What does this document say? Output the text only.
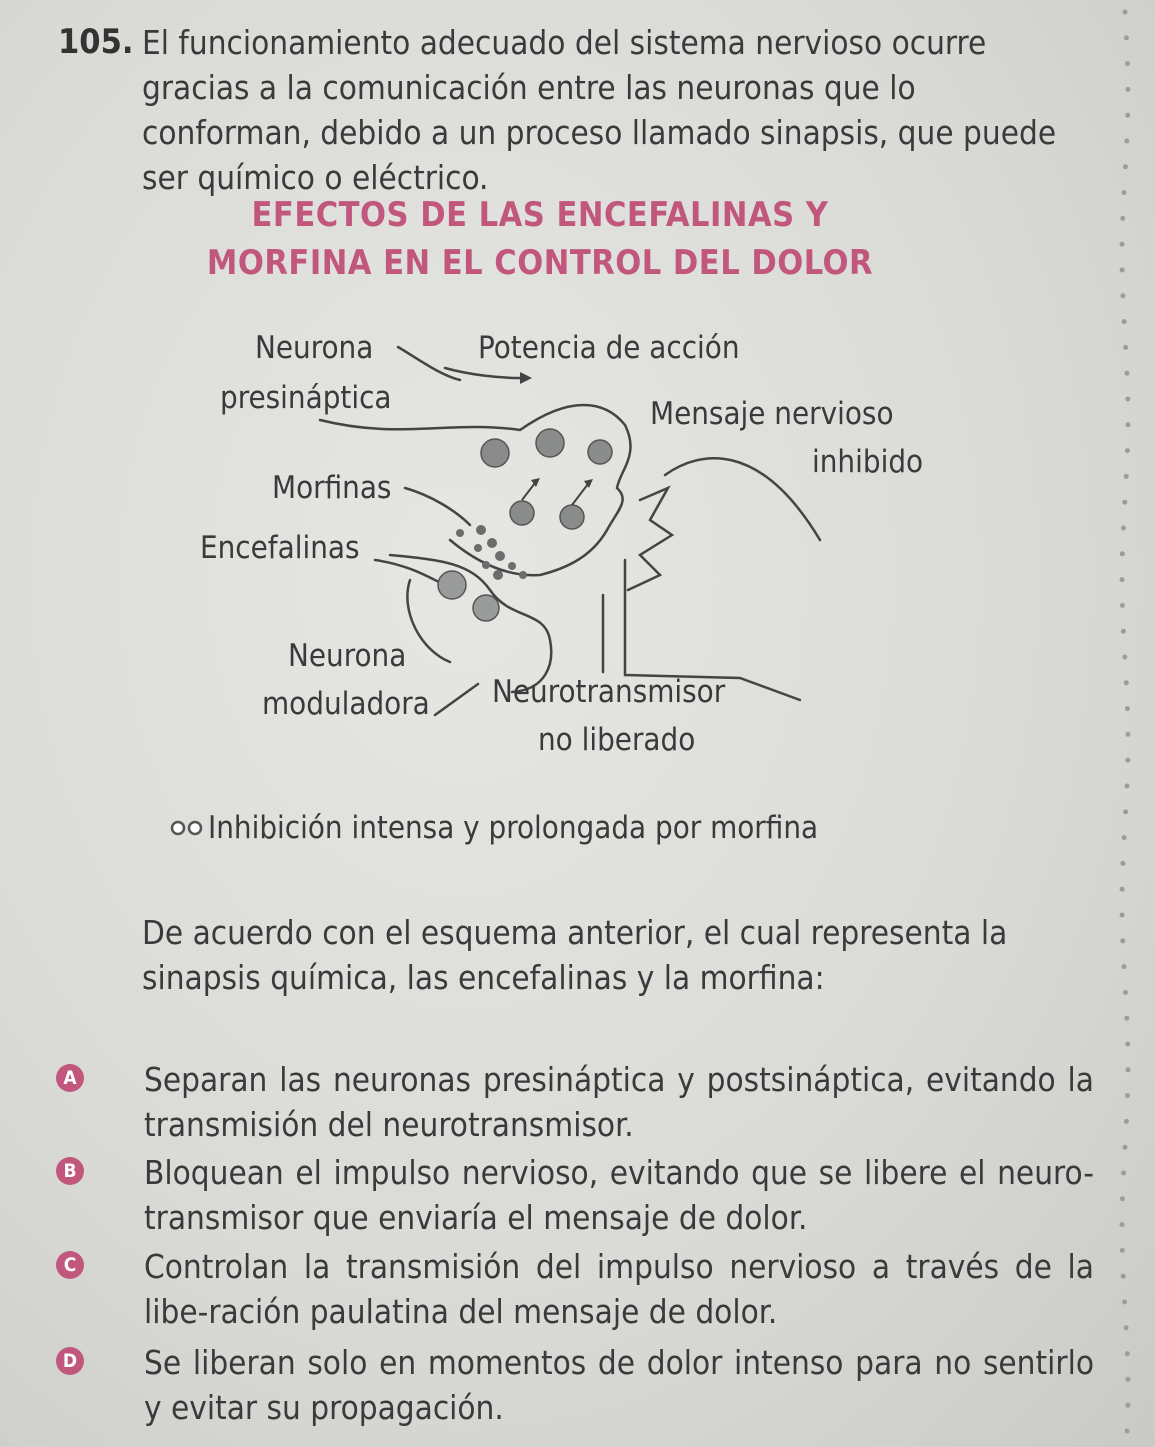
105. El funcionamiento adecuado del sistema nervioso ocurre gracias a la comunicación entre las neuronas que lo conforman, debido a un proceso llamado sinapsis, que puede ser químico o eléctrico.
EFECTOS DE LAS ENCEFALINAS Y
MORFINA EN EL CONTROL DEL DOLOR
Neurona
presináptica
Potencia de acción
Mensaje nervioso
inhibido
Morfinas
Encefalinas
Neurona
moduladora Neurotransmisor
no liberado
Inhibición intensa y prolongada por morfina
De acuerdo con el esquema anterior, el cual representa la sinapsis química, las encefalinas y la morfina:
A Separan las neuronas presináptica y postsináptica, evitando la transmisión del neurotransmisor.
B Bloquean el impulso nervioso, evitando que se libere el neuro-transmisor que enviaría el mensaje de dolor.
C Controlan la transmisión del impulso nervioso a través de la libe-ración paulatina del mensaje de dolor.
D Se liberan solo en momentos de dolor intenso para no sentirlo y evitar su propagación.
